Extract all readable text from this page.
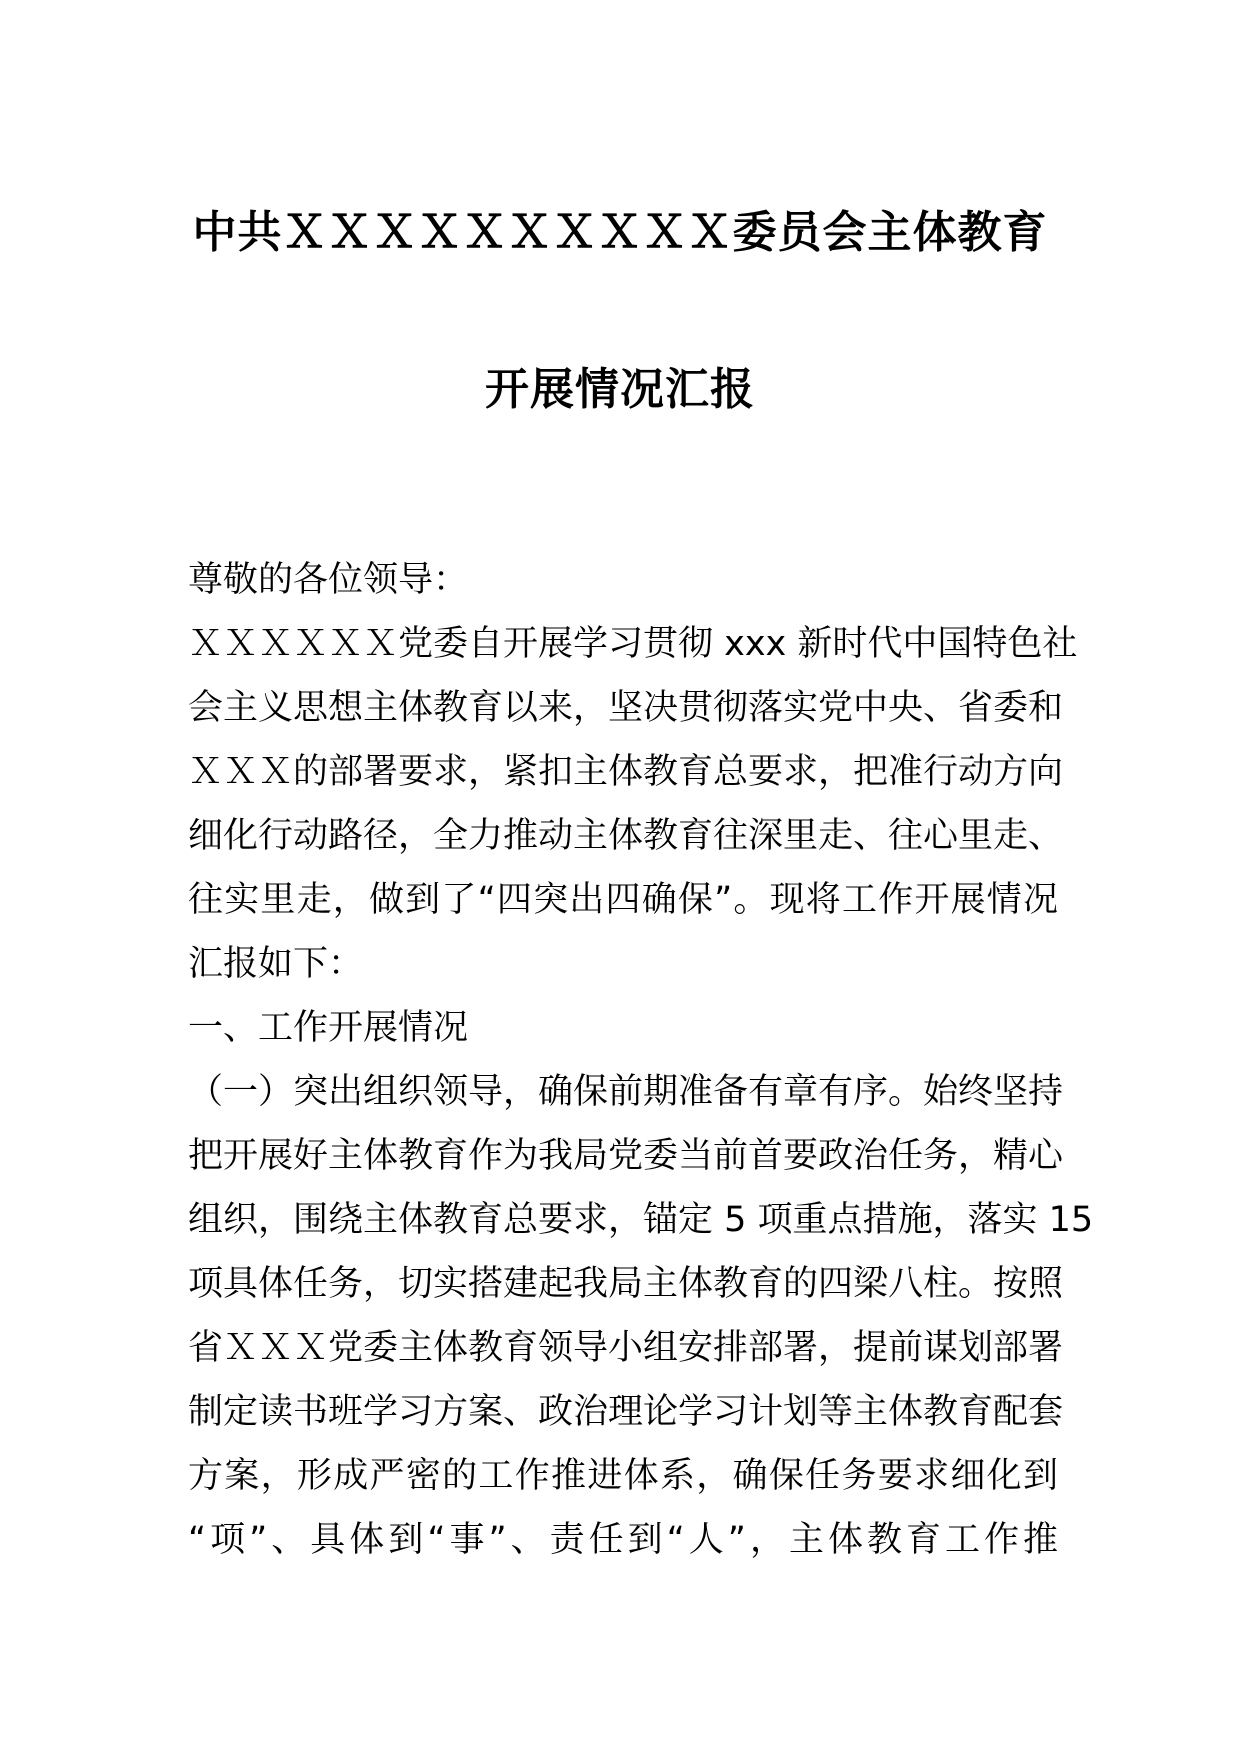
中共ＸＸＸＸＸＸＸＸＸＸ委员会主体教育
开展情况汇报
尊敬的各位领导：
ＸＸＸＸＸＸ党委自开展学习贯彻 xxx 新时代中国特色社
会主义思想主体教育以来，坚决贯彻落实党中央、省委和
ＸＸＸ的部署要求，紧扣主体教育总要求，把准行动方向
细化行动路径，全力推动主体教育往深里走、往心里走、
往实里走，做到了“四突出四确保”。现将工作开展情况
汇报如下：
一、工作开展情况
（一）突出组织领导，确保前期准备有章有序。始终坚持
把开展好主体教育作为我局党委当前首要政治任务，精心
组织，围绕主体教育总要求，锚定 5 项重点措施，落实 15
项具体任务，切实搭建起我局主体教育的四梁八柱。按照
省ＸＸＸ党委主体教育领导小组安排部署，提前谋划部署
制定读书班学习方案、政治理论学习计划等主体教育配套
方案，形成严密的工作推进体系，确保任务要求细化到
“项”、具体到“事”、责任到“人”，主体教育工作推
